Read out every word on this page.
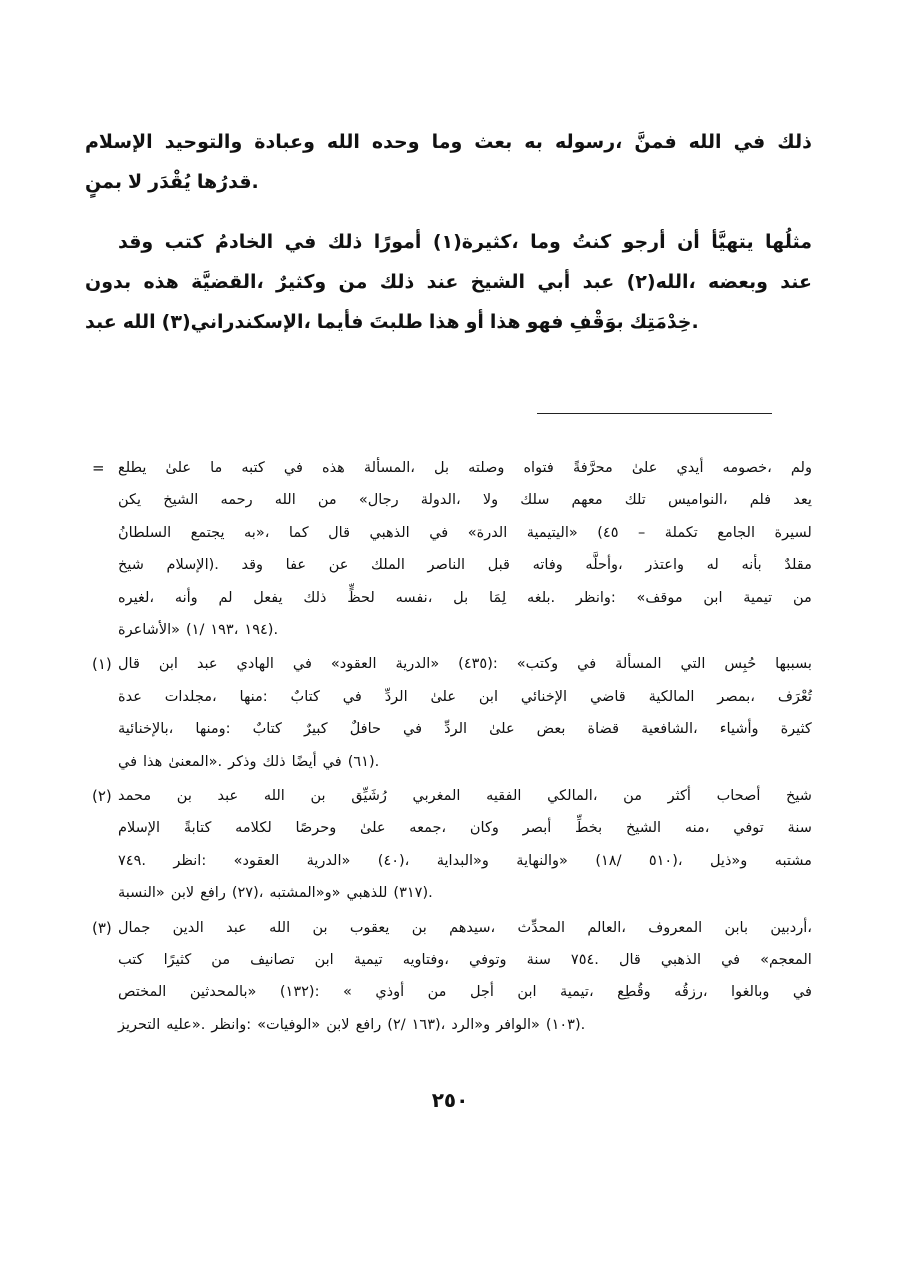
الإسلام والتوحيد وعبادة الله وحده وما بعث به رسوله، فمنَّ الله في ذلك
بمنٍ لا يُقْدَر قدرُها.
وقد كتب الخادمُ في ذلك أمورًا كثيرة(١)، وما كنتُ أرجو أن يتهيَّأ مثلُها
بدون هذه القضيَّة، وكثيرٌ من ذلك عند الشيخ أبي عبد الله(٢)، وبعضه عند
عبد الله الإسكندراني(٣)، فأيما طلبتَ هذا أو هذا فهو بوَقْفِ خِدْمَتِك.
= يطلع علىٰ ما كتبه في هذه المسألة، بل وصلته فتواه محرَّفةً علىٰ أيدي خصومه، ولم
يكن الشيخ رحمه الله من «رجال الدولة، ولا سلك معهم تلك النواميس، فلم يعد
السلطانُ يجتمع به»، كما قال الذهبي في «الدرة اليتيمية» (٤٥ – تكملة الجامع لسيرة
شيخ الإسلام). وقد عفا عن الملك الناصر قبل وفاته وأحلَّه، واعتذر له بأنه مقلدٌ
لغيره، وأنه لم يفعل ذلك لحظٍّ نفسه، بل لِمَا بلغه. وانظر: «موقف ابن تيمية من
الأشاعرة» (١/ ١٩٣، ١٩٤).
(١) قال ابن عبد الهادي في «العقود الدرية» (٤٣٥): «وكتب في المسألة التي حُبِس بسببها
عدة مجلدات، منها: كتابٌ في الردِّ علىٰ ابن الإخنائي قاضي المالكية بمصر، تُعْرَف
بالإخنائية، ومنها: كتابٌ كبيرٌ حافلٌ في الردِّ علىٰ بعض قضاة الشافعية، وأشياء كثيرة
في هذا المعنىٰ». وذكر ذلك أيضًا في (٦١).
(٢) محمد بن عبد الله بن رُشَيِّق المغربي الفقيه المالكي، من أكثر أصحاب شيخ
الإسلام كتابةً لكلامه وحرصًا علىٰ جمعه، وكان أبصر بخطِّ الشيخ منه، توفي سنة
٧٤٩. انظر: «العقود الدرية» (٤٠)، و«البداية والنهاية» (١٨/ ٥١٠)، و«ذيل مشتبه
النسبة» لابن رافع (٢٧)، و«المشتبه» للذهبي (٣١٧).
(٣) جمال الدين عبد الله بن يعقوب بن سيدهم، المحدِّث العالم، المعروف بابن أردبين،
كتب كثيرًا من تصانيف ابن تيمية وفتاويه، وتوفي سنة ٧٥٤. قال الذهبي في «المعجم
المختص بالمحدثين» (١٣٢): « أوذي من أجل ابن تيمية، وقُطِع رزقُه، وبالغوا في
التحريز عليه». وانظر: «الوفيات» لابن رافع (٢/ ١٦٣)، و«الرد الوافر» (١٠٣).
٢٥٠
